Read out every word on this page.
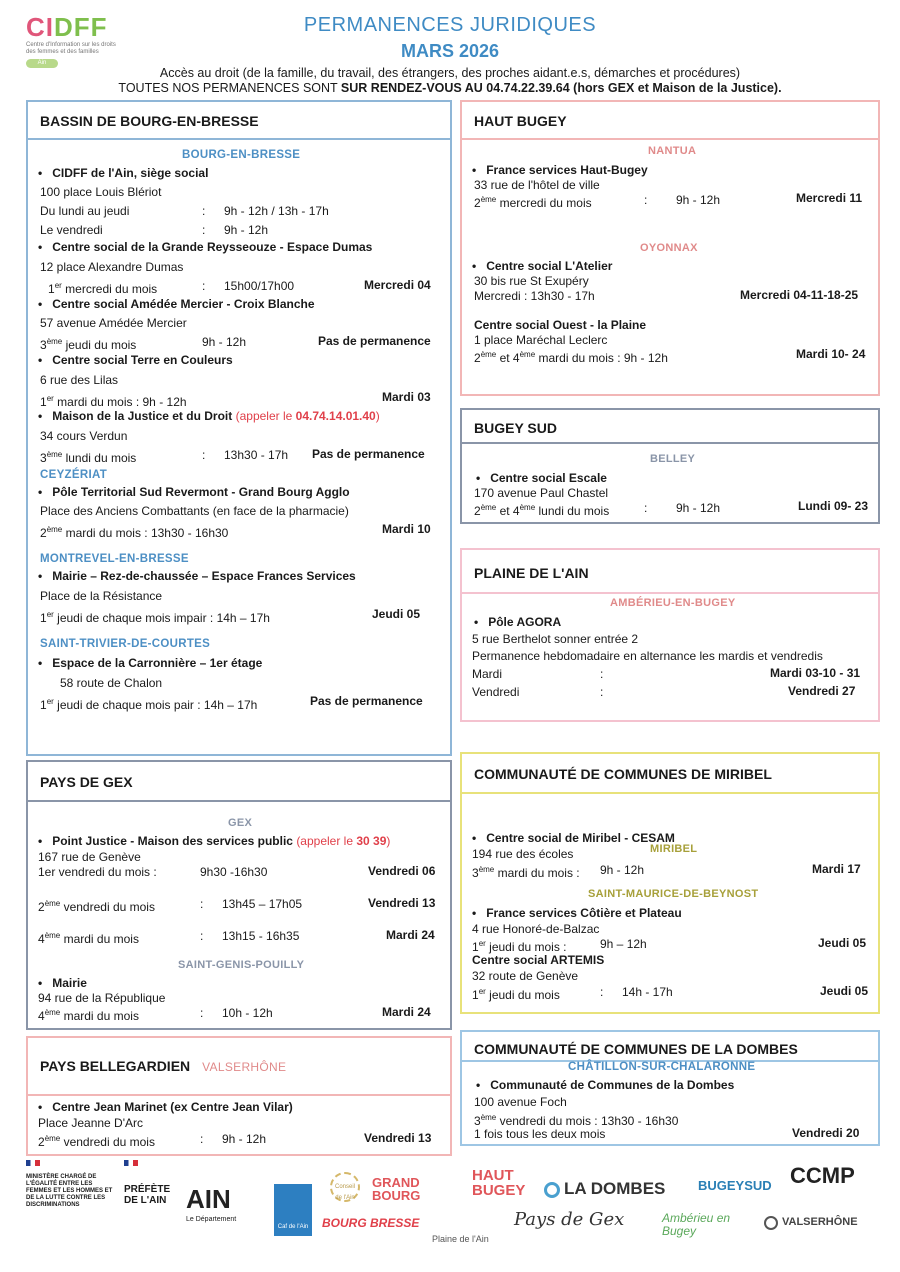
CIDFF
Centre d'Information sur les droits des femmes et des familles
Ain
PERMANENCES JURIDIQUES
MARS 2026
Accès au droit (de la famille, du travail, des étrangers, des proches aidant.e.s, démarches et procédures)
TOUTES NOS PERMANENCES SONT SUR RENDEZ-VOUS AU 04.74.22.39.64 (hors GEX et Maison de la Justice).
BASSIN DE BOURG-EN-BRESSE
BOURG-EN-BRESSE
• CIDFF de l'Ain, siège social
100 place Louis Blériot
Du lundi au jeudi	: 9h - 12h / 13h - 17h
Le vendredi	: 9h - 12h
• Centre social de la Grande Reysseouze - Espace Dumas
12 place Alexandre Dumas
1er mercredi du mois	: 15h00/17h00	Mercredi 04
• Centre social Amédée Mercier - Croix Blanche
57 avenue Amédée Mercier
3ème jeudi du mois	9h - 12h	Pas de permanence
• Centre social Terre en Couleurs
6 rue des Lilas
1er mardi du mois : 9h - 12h	Mardi 03
• Maison de la Justice et du Droit (appeler le 04.74.14.01.40)
34 cours Verdun
3ème lundi du mois	: 13h30 - 17h Pas de permanence
CEYZÉRIAT
• Pôle Territorial Sud Revermont - Grand Bourg Agglo
Place des Anciens Combattants (en face de la pharmacie)
2ème mardi du mois : 13h30 - 16h30	Mardi 10
MONTREVEL-EN-BRESSE
• Mairie – Rez-de-chaussée – Espace Frances Services
Place de la Résistance
1er jeudi de chaque mois impair : 14h – 17h	Jeudi 05
SAINT-TRIVIER-DE-COURTES
• Espace de la Carronnière – 1er étage
58 route de Chalon
1er jeudi de chaque mois pair : 14h – 17h	Pas de permanence
HAUT BUGEY
NANTUA
• France services Haut-Bugey
33 rue de l'hôtel de ville
2ème mercredi du mois	: 9h - 12h	Mercredi 11
OYONNAX
• Centre social L'Atelier
30 bis rue St Exupéry
Mercredi : 13h30 - 17h	Mercredi 04-11-18-25
Centre social Ouest - la Plaine
1 place Maréchal Leclerc
2ème et 4ème mardi du mois : 9h - 12h	Mardi 10- 24
BUGEY SUD
BELLEY
• Centre social Escale
170 avenue Paul Chastel
2ème et 4ème lundi du mois	: 9h - 12h	Lundi 09- 23
PLAINE DE L'AIN
AMBÉRIEU-EN-BUGEY
• Pôle AGORA
5 rue Berthelot sonner entrée 2
Permanence hebdomadaire en alternance les mardis et vendredis
Mardi	:	Mardi 03-10 - 31
Vendredi	:	Vendredi 27
PAYS DE GEX
GEX
• Point Justice - Maison des services public (appeler le 30 39)
167 rue de Genève
1er vendredi du mois :	9h30 -16h30	Vendredi 06
2ème vendredi du mois	: 13h45 – 17h05	Vendredi 13
4ème mardi du mois	: 13h15 - 16h35	Mardi 24
SAINT-GENIS-POUILLY
• Mairie
94 rue de la République
4ème mardi du mois	: 10h - 12h	Mardi 24
COMMUNAUTÉ DE COMMUNES DE MIRIBEL
MIRIBEL
• Centre social de Miribel - CESAM
194 rue des écoles
3ème mardi du mois : 9h - 12h	Mardi 17
SAINT-MAURICE-DE-BEYNOST
• France services Côtière et Plateau
4 rue Honoré-de-Balzac
1er jeudi du mois :	9h – 12h	Jeudi 05
Centre social ARTEMIS
32 route de Genève
1er jeudi du mois	: 14h - 17h	Jeudi 05
PAYS BELLEGARDIEN VALSERHÔNE
• Centre Jean Marinet (ex Centre Jean Vilar)
Place Jeanne D'Arc
2ème vendredi du mois	: 9h - 12h	Vendredi 13
COMMUNAUTÉ DE COMMUNES DE LA DOMBES
CHÂTILLON-SUR-CHALARONNE
• Communauté de Communes de la Dombes
100 avenue Foch
3ème vendredi du mois : 13h30 - 16h30
1 fois tous les deux mois	Vendredi 20
MINISTÈRE CHARGÉ DE L'ÉGALITÉ ENTRE LES FEMMES ET LES HOMMES ET DE LA LUTTE CONTRE LES DISCRIMINATIONS
PRÉFÈTE DE L'AIN AIN
Le Département
Caf de l'Ain
Conseil de l'Ain
GRAND BOURG
BOURG BRESSE
HAUT BUGEY LA DOMBES
Plaine de l'Ain
Pays de Gex
BUGEYSUD
Ambérieu en Bugey
CCMP
VALSERHÔNE
